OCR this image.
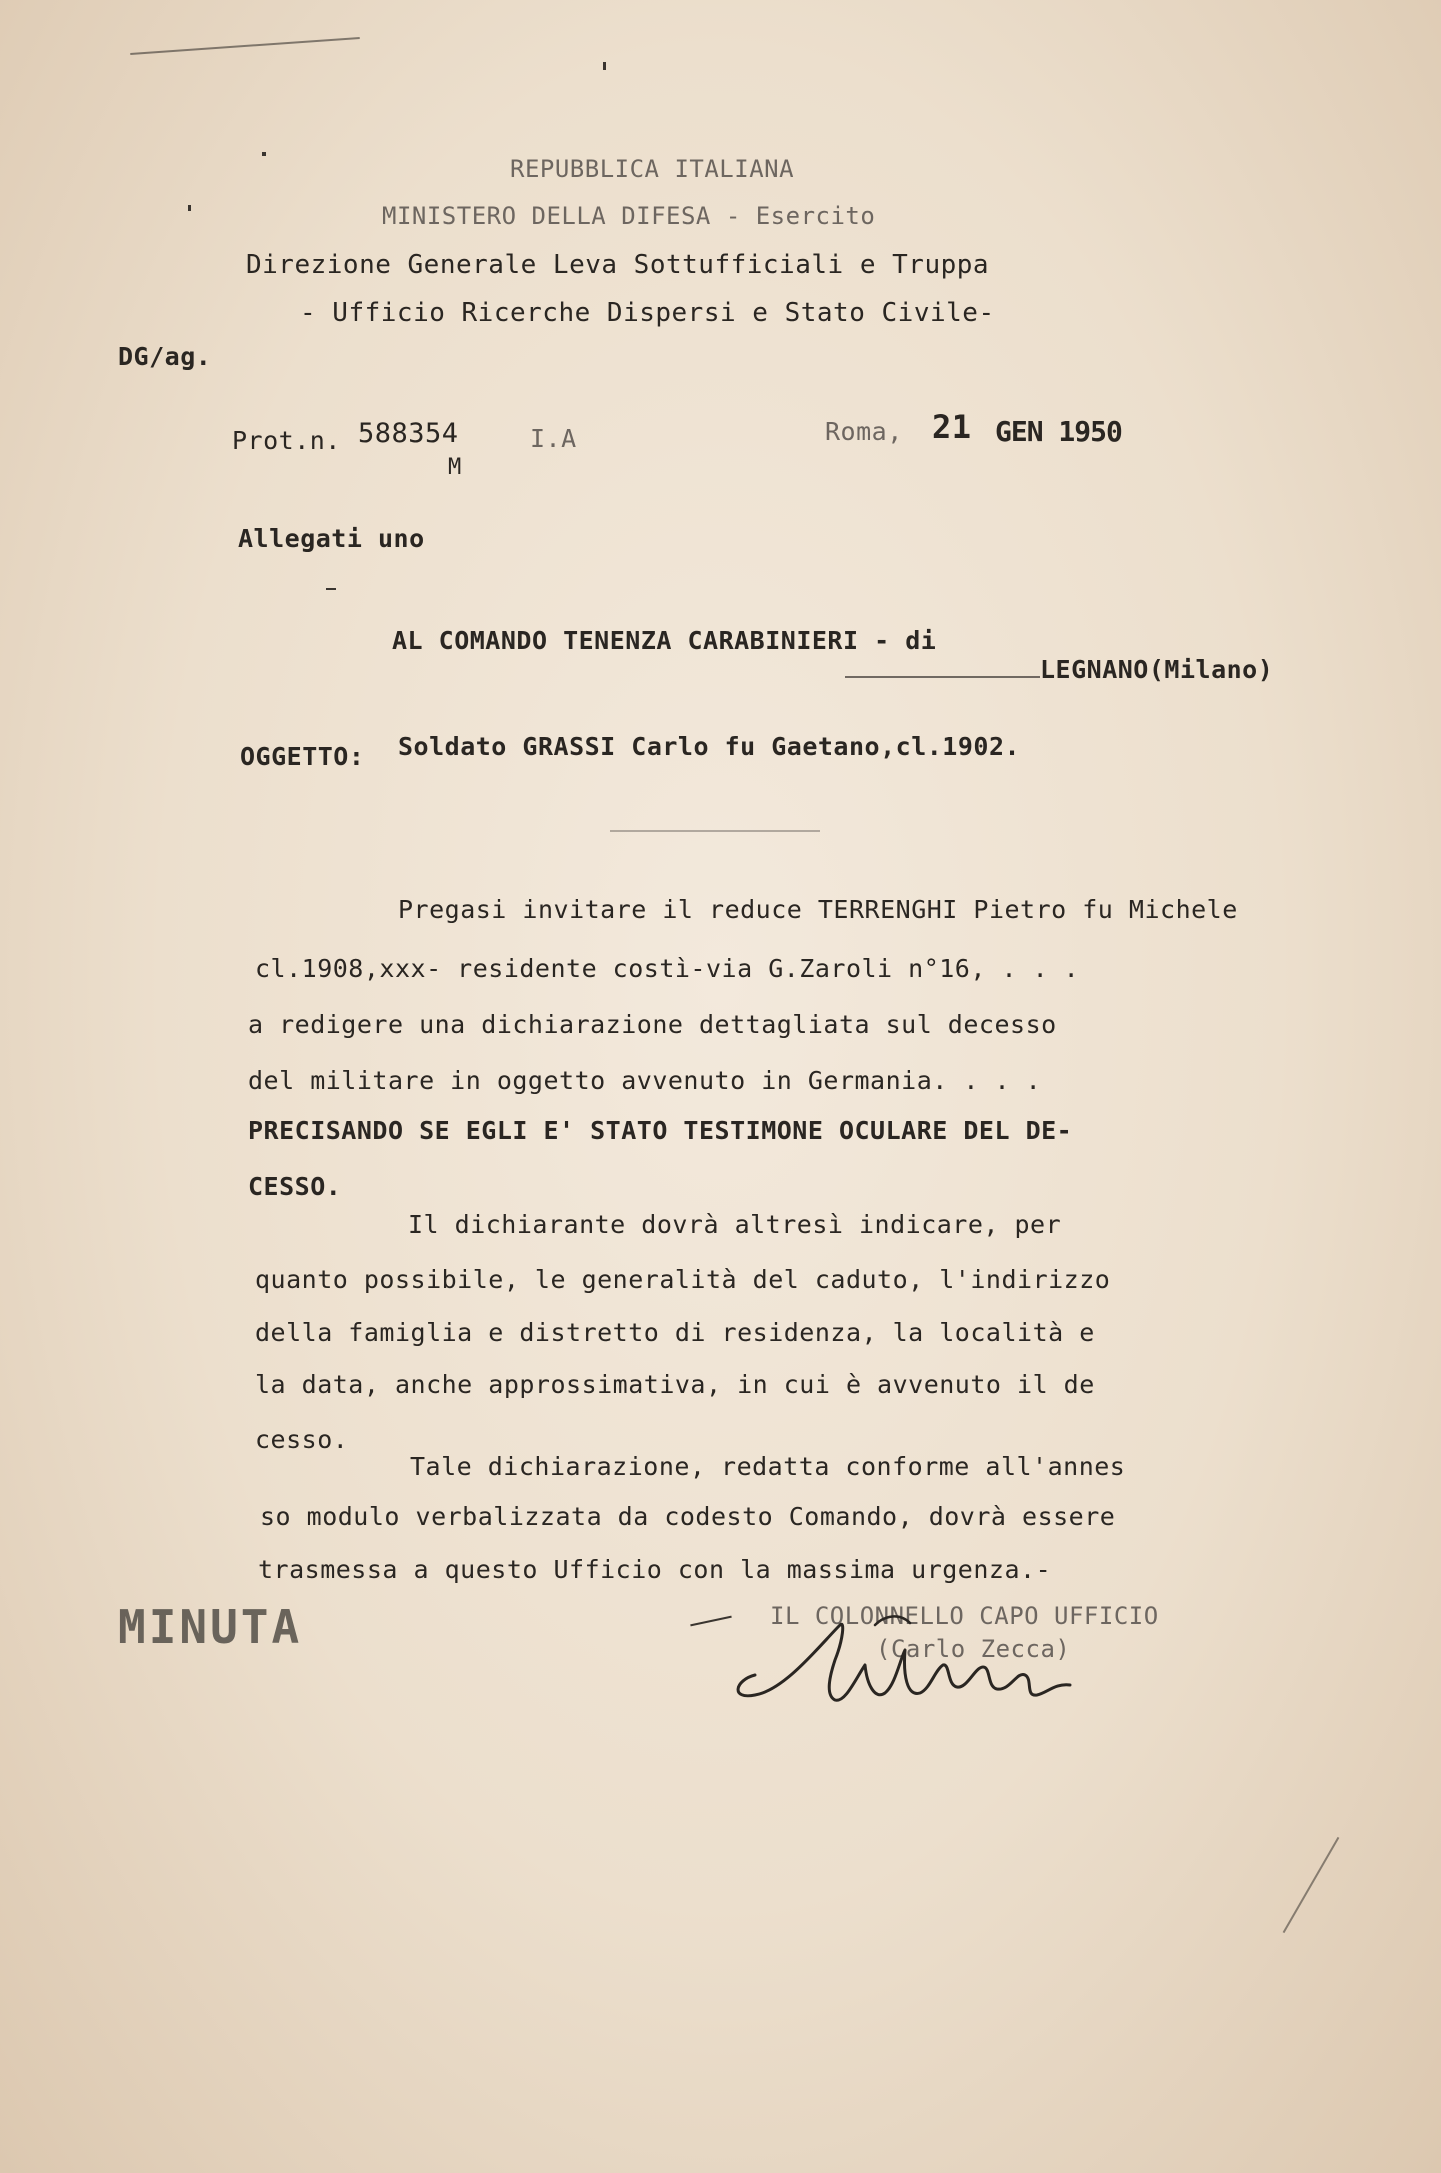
REPUBBLICA ITALIANA
MINISTERO DELLA DIFESA - Esercito
Direzione Generale Leva Sottufficiali e Truppa
- Ufficio Ricerche Dispersi e Stato Civile-
DG/ag.
Prot.n. 588354	I.A
M
Roma, 21 GEN 1950
Allegati uno
AL COMANDO TENENZA CARABINIERI - di
LEGNANO(Milano)
OGGETTO: Soldato GRASSI Carlo fu Gaetano,cl.1902.
Pregasi invitare il reduce TERRENGHI Pietro fu Michele
cl.1908,xxx- residente costì-via G.Zaroli n°16, . . .
a redigere una dichiarazione dettagliata sul decesso
del militare in oggetto avvenuto in Germania. . . .
PRECISANDO SE EGLI E' STATO TESTIMONE OCULARE DEL DE-
CESSO.
Il dichiarante dovrà altresì indicare, per
quanto possibile, le generalità del caduto, l'indirizzo
della famiglia e distretto di residenza, la località e
la data, anche approssimativa, in cui è avvenuto il de
cesso.
Tale dichiarazione, redatta conforme all'annes
so modulo verbalizzata da codesto Comando, dovrà essere
trasmessa a questo Ufficio con la massima urgenza.-
MINUTA	IL COLONNELLO CAPO UFFICIO
(Carlo Zecca)
